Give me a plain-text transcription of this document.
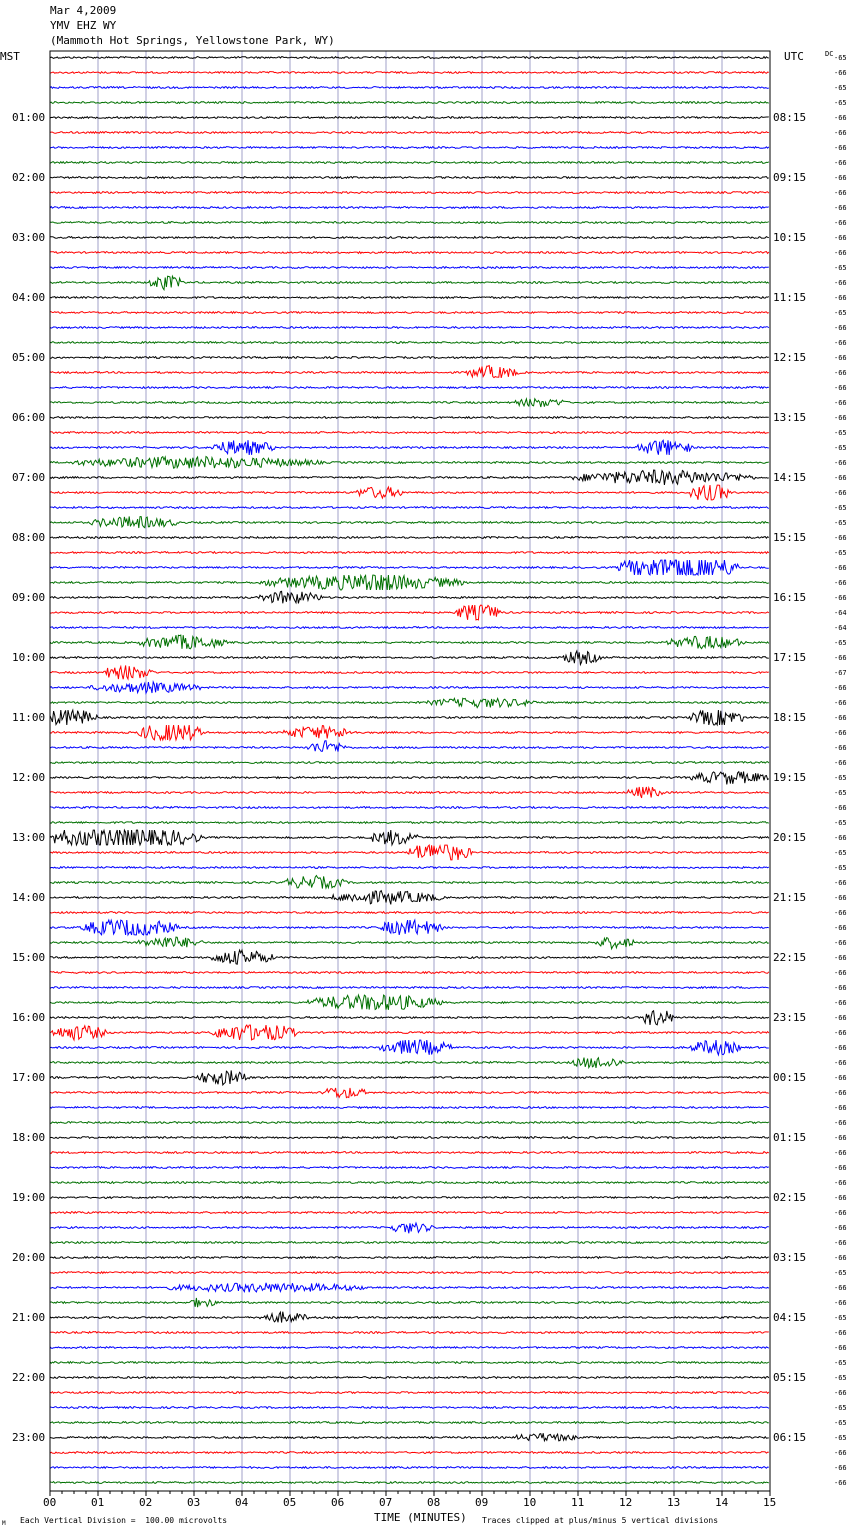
Mar 4,2009
YMV EHZ WY
(Mammoth Hot Springs, Yellowstone Park, WY)
MST	UTC	DC
01:00
02:00
03:00
04:00
05:00
06:00
07:00
08:00
09:00
10:00
11:00
12:00
13:00
14:00
15:00
16:00
17:00
18:00
19:00
20:00
21:00
22:00
23:00
08:15
09:15
10:15
11:15
12:15
13:15
14:15
15:15
16:15
17:15
18:15
19:15
20:15
21:15
22:15
23:15
00:15
01:15
02:15
03:15
04:15
05:15
06:15
-65
-66
-65
-65
-66
-66
-66
-66
-66
-66
-66
-66
-66
-66
-65
-66
-66
-65
-66
-66
-66
-66
-66
-66
-66
-65
-65
-66
-66
-66
-65
-65
-66
-65
-66
-66
-66
-64
-64
-65
-66
-67
-66
-66
-66
-66
-66
-66
-65
-65
-66
-65
-66
-65
-65
-66
-66
-66
-66
-66
-66
-66
-66
-66
-66
-66
-66
-66
-66
-66
-66
-66
-66
-66
-66
-66
-66
-66
-66
-66
-66
-65
-66
-66
-65
-66
-66
-65
-65
-66
-65
-65
-65
-66
-66
-66
00	01	02	03	04	05	06	07	08	09	10	11	12	13	14	15
TIME (MINUTES)
Each Vertical Division =  100.00 microvolts	Traces clipped at plus/minus 5 vertical divisions
M
